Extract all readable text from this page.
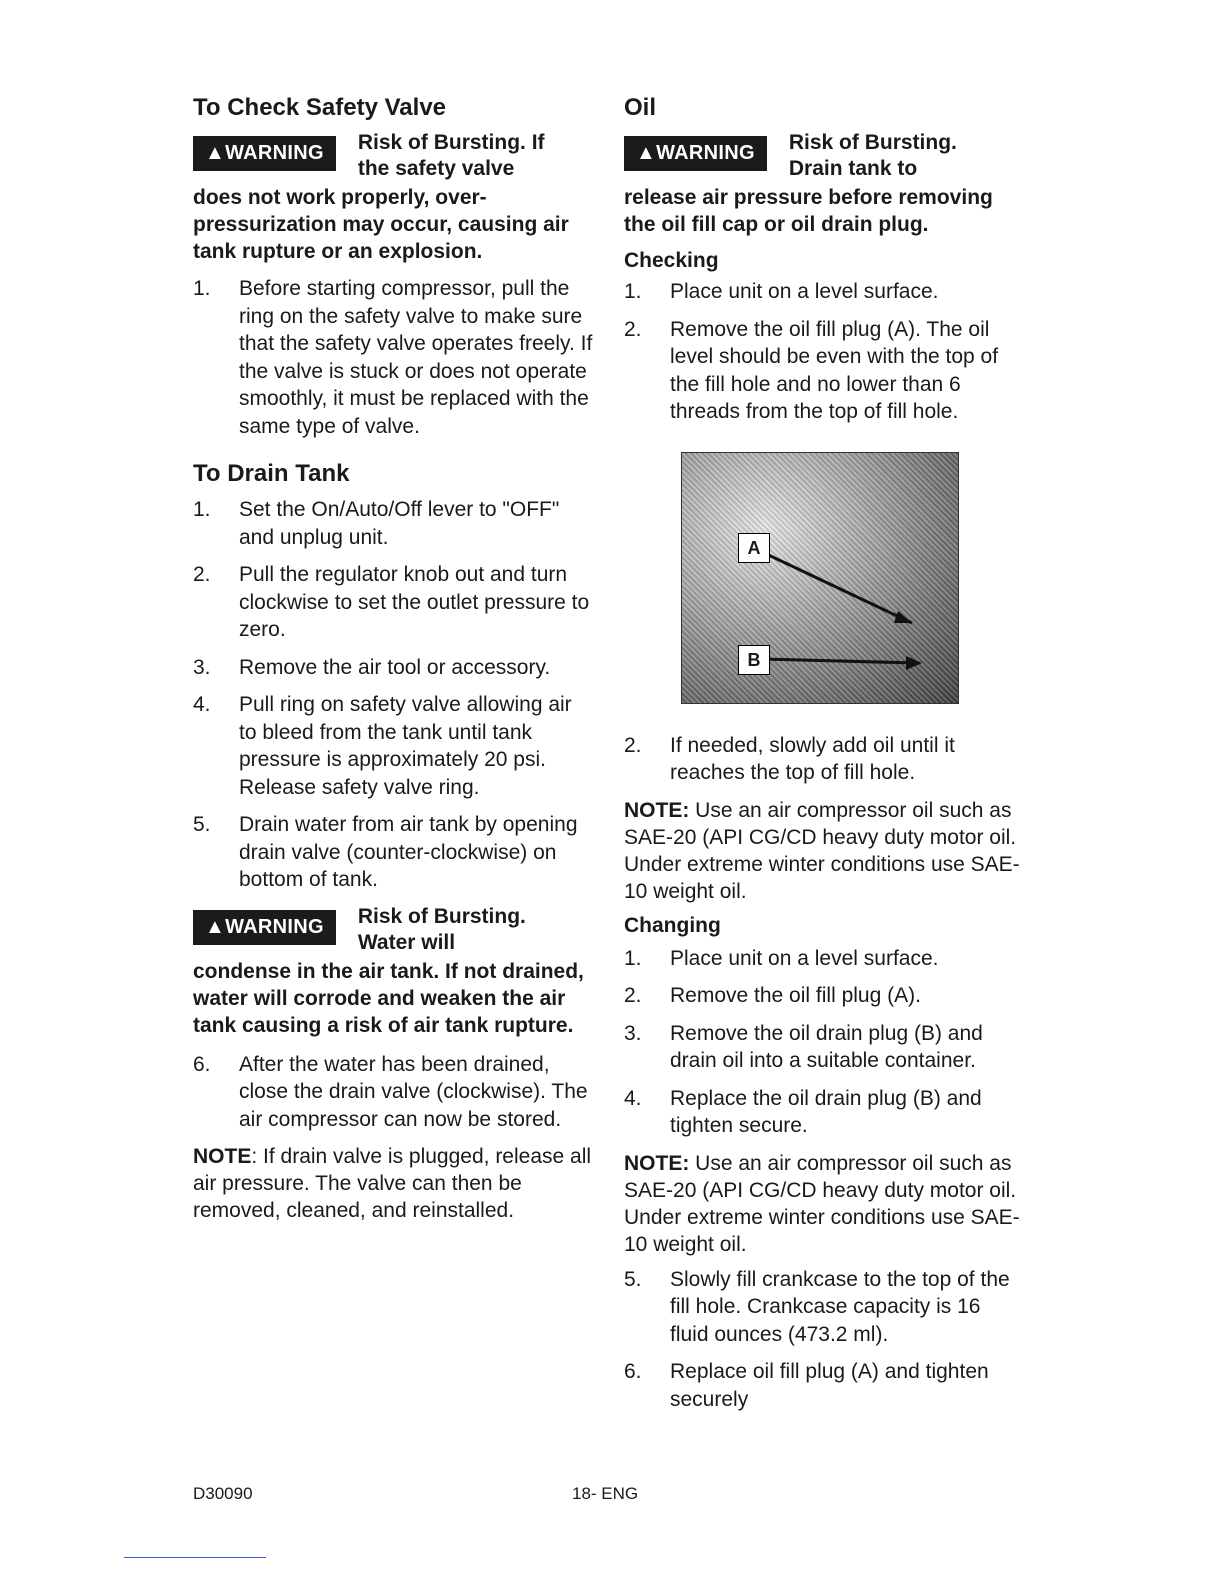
To Check Safety Valve
▲WARNING	Risk of Bursting. If
the safety valve
does not work properly, over-pressurization may occur, causing air tank rupture or an explosion.
1.	Before starting compressor, pull the ring on the safety valve to make sure that the safety valve operates freely. If the valve is stuck or does not operate smoothly, it must be replaced with the same type of valve.
To Drain Tank
1.	Set the On/Auto/Off lever to "OFF" and unplug unit.
2.	Pull the regulator knob out and turn clockwise to set the outlet pressure to zero.
3.	Remove the air tool or accessory.
4.	Pull ring on safety valve allowing air to bleed from the tank until tank pressure is approximately 20 psi. Release safety valve ring.
5.	Drain water from air tank by opening drain valve (counter-clockwise) on bottom of tank.
▲WARNING	Risk of Bursting.
Water will
condense in the air tank. If not drained, water will corrode and weaken the air tank causing a risk of air tank rupture.
6.	After the water has been drained, close the drain valve (clockwise). The air compressor can now be stored.

NOTE: If drain valve is plugged, release all air pressure. The valve can then be removed, cleaned, and reinstalled.

Oil
▲WARNING	Risk of Bursting.
Drain tank to
release air pressure before removing the oil fill cap or oil drain plug.
Checking
1.	Place unit on a level surface.
2.	Remove the oil fill plug (A). The oil level should be even with the top of the fill hole and no lower than 6 threads from the top of fill hole.
A
B
2.	If needed, slowly add oil until it reaches the top of fill hole.

NOTE: Use an air compressor oil such as SAE-20 (API CG/CD heavy duty motor oil. Under extreme winter conditions use SAE-10 weight oil.

Changing
1.	Place unit on a level surface.
2.	Remove the oil fill plug (A).
3.	Remove the oil drain plug (B) and drain oil into a suitable container.
4.	Replace the oil drain plug (B) and tighten secure.

NOTE: Use an air compressor oil such as SAE-20 (API CG/CD heavy duty motor oil. Under extreme winter conditions use SAE-10 weight oil.

5.	Slowly fill crankcase to the top of the fill hole. Crankcase capacity is 16 fluid ounces (473.2 ml).
6.	Replace oil fill plug (A) and tighten securely
D30090	18- ENG
